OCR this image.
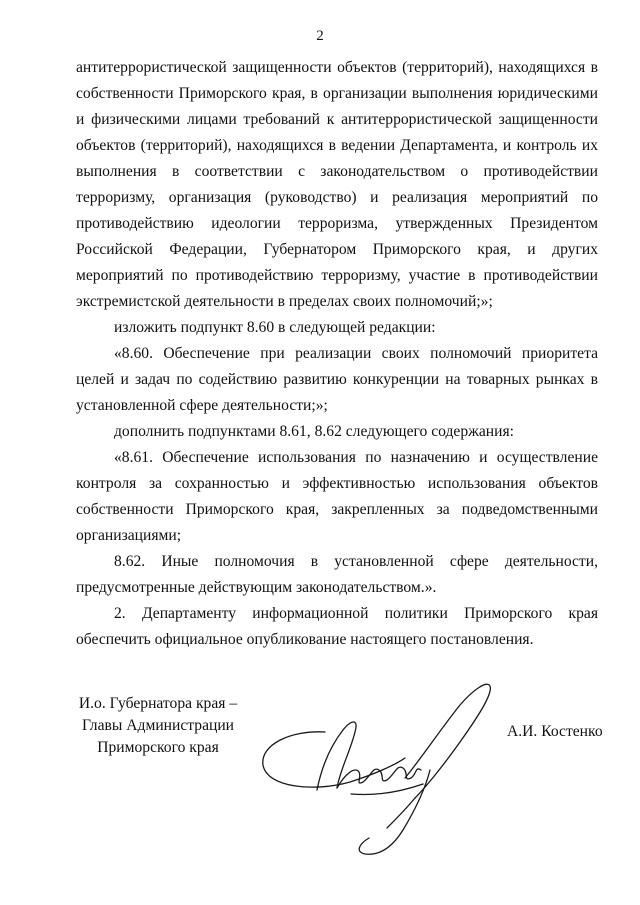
2

антитеррористической защищенности объектов (территорий), находящихся в собственности Приморского края, в организации выполнения юридическими и физическими лицами требований к антитеррористической защищенности объектов (территорий), находящихся в ведении Департамента, и контроль их выполнения в соответствии с законодательством о противодействии терроризму, организация (руководство) и реализация мероприятий по противодействию идеологии терроризма, утвержденных Президентом Российской Федерации, Губернатором Приморского края, и других мероприятий по противодействию терроризму, участие в противодействии экстремистской деятельности в пределах своих полномочий;»;

изложить подпункт 8.60 в следующей редакции:

«8.60. Обеспечение при реализации своих полномочий приоритета целей и задач по содействию развитию конкуренции на товарных рынках в установленной сфере деятельности;»;

дополнить подпунктами 8.61, 8.62 следующего содержания:

«8.61. Обеспечение использования по назначению и осуществление контроля за сохранностью и эффективностью использования объектов собственности Приморского края, закрепленных за подведомственными организациями;

8.62. Иные полномочия в установленной сфере деятельности, предусмотренные действующим законодательством.».

2. Департаменту информационной политики Приморского края обеспечить официальное опубликование настоящего постановления.

И.о. Губернатора края –
Главы Администрации
Приморского края
А.И. Костенко
